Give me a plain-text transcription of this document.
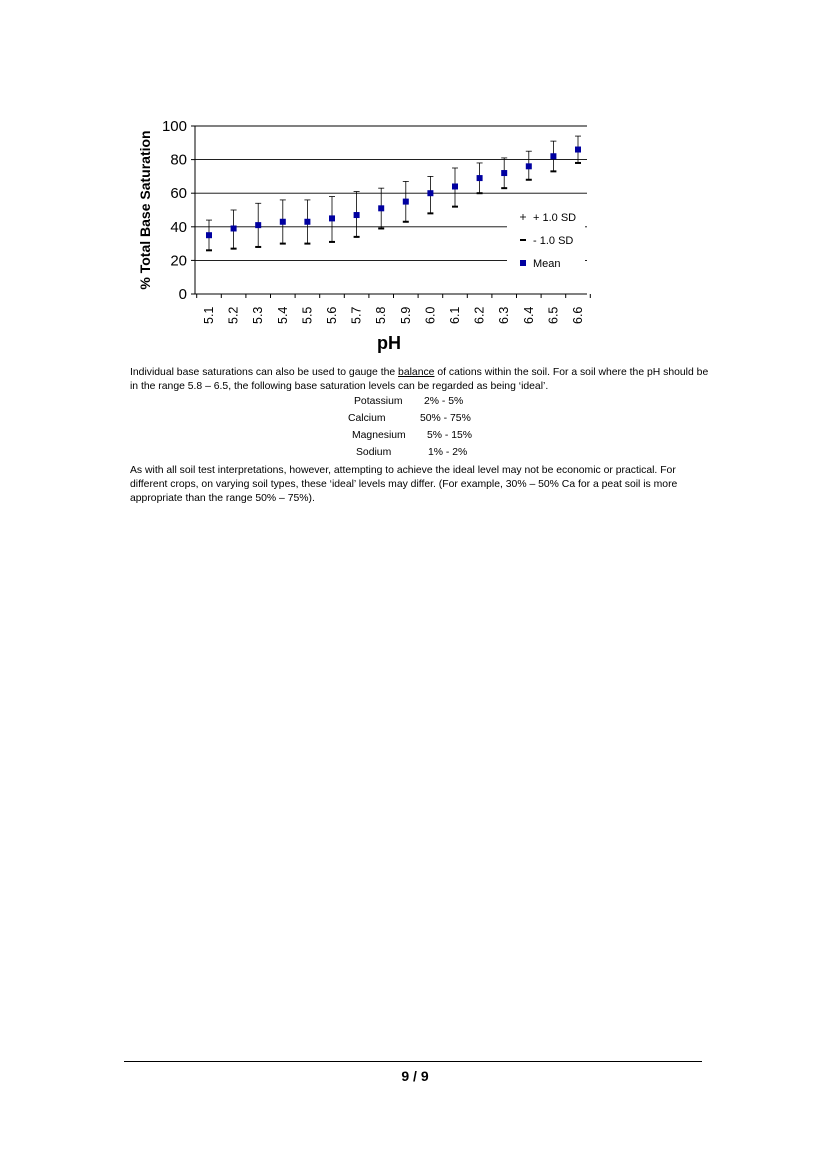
0
20
40
60
80
100
5.1 5.2 5.3 5.4 5.5 5.6 5.7 5.8 5.9 6.0 6.1 6.2 6.3 6.4 6.5 6.6
% Total Base Saturation
pH
+ 1.0 SD
- 1.0 SD
Mean

Individual base saturations can also be used to gauge the balance of cations within the soil. For a soil where the pH should be in the range 5.8 – 6.5, the following base saturation levels can be regarded as being ‘ideal’.

Potassium 2% - 5%
Calcium	50% - 75%
Magnesium 5% - 15%
Sodium	1% - 2%

As with all soil test interpretations, however, attempting to achieve the ideal level may not be economic or practical. For different crops, on varying soil types, these ‘ideal’ levels may differ. (For example, 30% – 50% Ca for a peat soil is more appropriate than the range 50% – 75%).

9 / 9
